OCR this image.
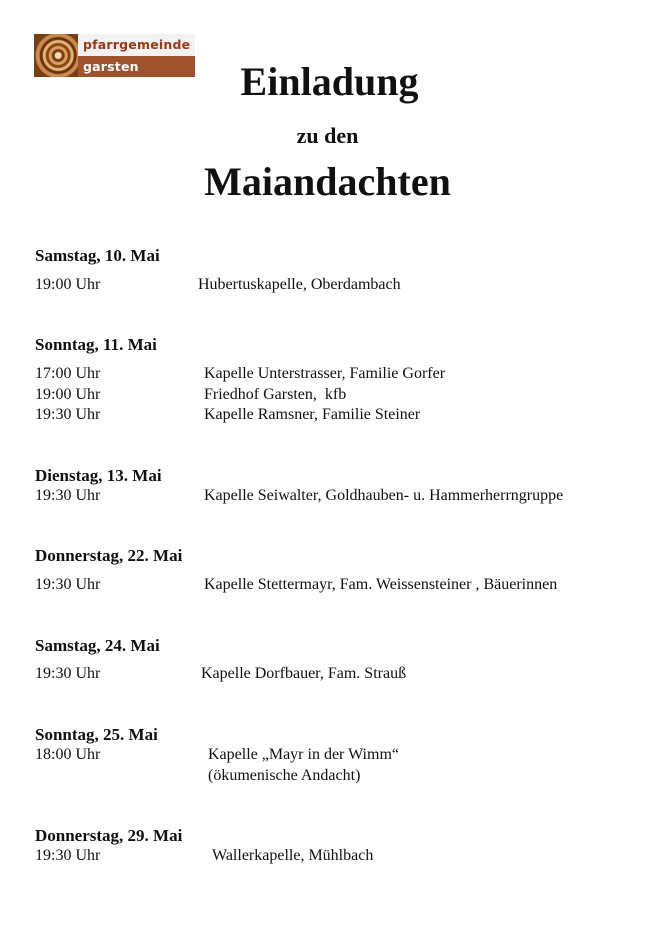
pfarrgemeinde
garsten	Einladung
zu den
Maiandachten
Samstag, 10. Mai
19:00 Uhr	Hubertuskapelle, Oberdambach
Sonntag, 11. Mai
17:00 Uhr	Kapelle Unterstrasser, Familie Gorfer
19:00 Uhr	Friedhof Garsten,  kfb
19:30 Uhr	Kapelle Ramsner, Familie Steiner
Dienstag, 13. Mai
19:30 Uhr	Kapelle Seiwalter, Goldhauben- u. Hammerherrngruppe
Donnerstag, 22. Mai
19:30 Uhr	Kapelle Stettermayr, Fam. Weissensteiner , Bäuerinnen
Samstag, 24. Mai
19:30 Uhr	Kapelle Dorfbauer, Fam. Strauß
Sonntag, 25. Mai
18:00 Uhr	Kapelle „Mayr in der Wimm“
(ökumenische Andacht)
Donnerstag, 29. Mai
19:30 Uhr	Wallerkapelle, Mühlbach
